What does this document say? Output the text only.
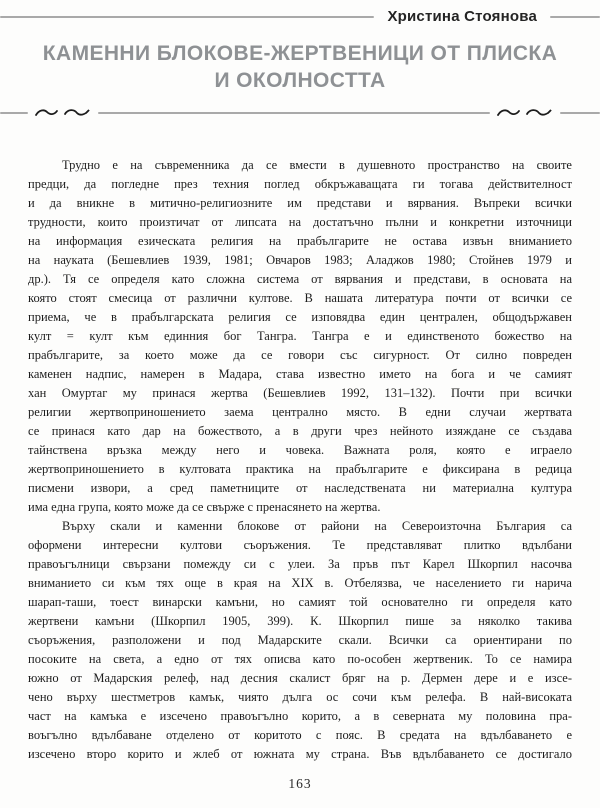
Христина Стоянова
КАМЕННИ БЛОКОВЕ-ЖЕРТВЕНИЦИ ОТ ПЛИСКА
И ОКОЛНОСТТА
Трудно е на съвременника да се вмести в душевното пространство на своите
предци, да погледне през техния поглед обкръжаващата ги тогава действителност
и да вникне в митично-религиозните им представи и вярвания. Въпреки всички
трудности, които произтичат от липсата на достатъчно пълни и конкретни източници
на информация езическата религия на прабългарите не остава извън вниманието
на науката (Бешевлиев 1939, 1981; Овчаров 1983; Аладжов 1980; Стойнев 1979 и
др.). Тя се определя като сложна система от вярвания и представи, в основата на
която стоят смесица от различни култове. В нашата литература почти от всички се
приема, че в прабългарската религия се изповядва един централен, общодържавен
култ = култ към единния бог Тангра. Тангра е и единственото божество на
прабългарите, за което може да се говори със сигурност. От силно повреден
каменен надпис, намерен в Мадара, става известно името на бога и че самият
хан Омуртаг му принася жертва (Бешевлиев 1992, 131–132). Почти при всички
религии жертвоприношението заема централно място. В едни случаи жертвата
се принася като дар на божеството, а в други чрез нейното изяждане се създава
тайнствена връзка между него и човека. Важната роля, която е играело
жертвоприношението в култовата практика на прабългарите е фиксирана в редица
писмени извори, а сред паметниците от наследствената ни материална култура
има една група, която може да се свърже с пренасянето на жертва.
Върху скали и каменни блокове от райони на Североизточна България са
оформени интересни култови съоръжения. Те представляват плитко вдълбани
правоъгълници свързани помежду си с улеи. За пръв път Карел Шкорпил насочва
вниманието си към тях още в края на XIX в. Отбелязва, че населението ги нарича
шарап-таши, тоест винарски камъни, но самият той основателно ги определя като
жертвени камъни (Шкорпил 1905, 399). К. Шкорпил пише за няколко такива
съоръжения, разположени и под Мадарските скали. Всички са ориентирани по
посоките на света, а едно от тях описва като по-особен жертвеник. То се намира
южно от Мадарския релеф, над десния скалист бряг на р. Дермен дере и е изсе-
чено върху шестметров камък, чиято дълга ос сочи към релефа. В най-високата
част на камъка е изсечено правоъгълно корито, а в северната му половина пра-
воъгълно вдълбаване отделено от коритото с пояс. В средата на вдълбаването е
изсечено второ корито и жлеб от южната му страна. Във вдълбаването се достигало
163
